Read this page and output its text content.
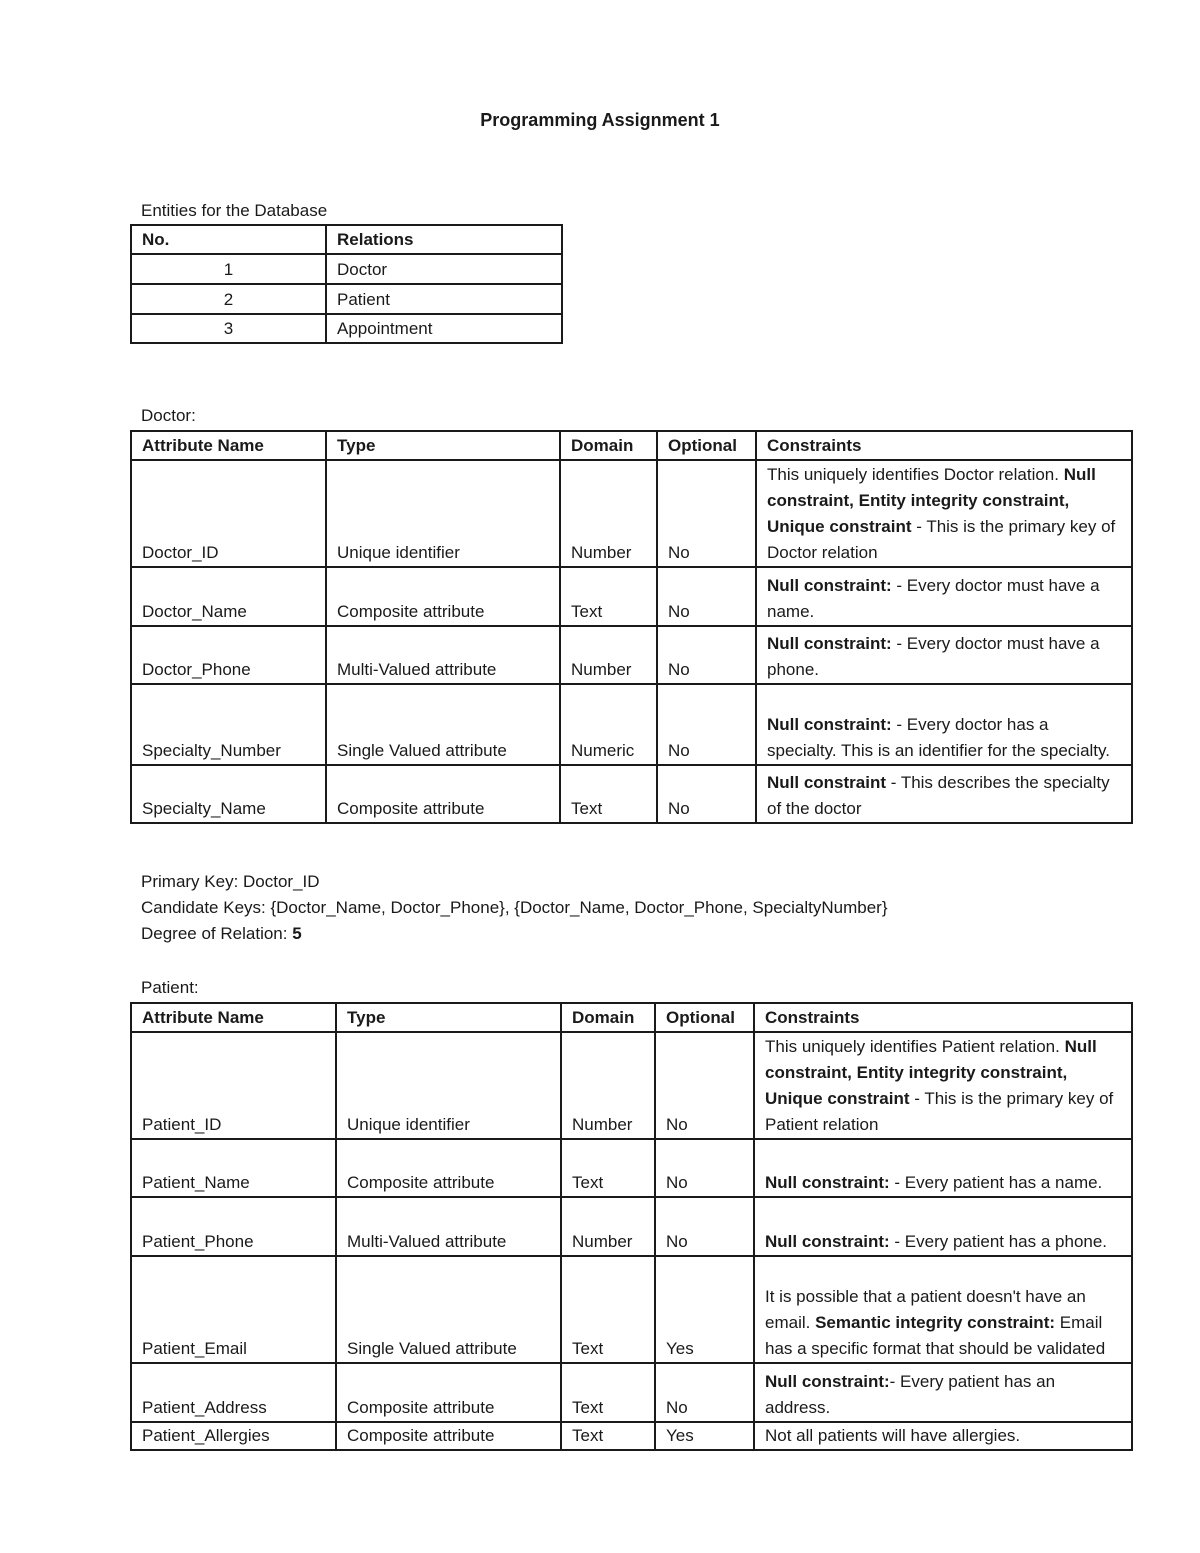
Programming Assignment 1
Entities for the Database
No.	Relations
1	Doctor
2	Patient
3	Appointment
Doctor:
Attribute Name	Type	Domain	Optional	Constraints
Doctor_ID	Unique identifier	Number	No	This uniquely identifies Doctor relation. Null constraint, Entity integrity constraint, Unique constraint - This is the primary key of Doctor relation
Doctor_Name	Composite attribute	Text	No	Null constraint: - Every doctor must have a name.
Doctor_Phone	Multi-Valued attribute	Number	No	Null constraint: - Every doctor must have a phone.
Specialty_Number	Single Valued attribute	Numeric	No	Null constraint: - Every doctor has a specialty. This is an identifier for the specialty.
Specialty_Name	Composite attribute	Text	No	Null constraint - This describes the specialty of the doctor
Primary Key: Doctor_ID
Candidate Keys: {Doctor_Name, Doctor_Phone}, {Doctor_Name, Doctor_Phone, SpecialtyNumber}
Degree of Relation: 5
Patient:
Attribute Name	Type	Domain	Optional	Constraints
Patient_ID	Unique identifier	Number	No	This uniquely identifies Patient relation. Null constraint, Entity integrity constraint, Unique constraint - This is the primary key of Patient relation
Patient_Name	Composite attribute	Text	No	Null constraint: - Every patient has a name.
Patient_Phone	Multi-Valued attribute	Number	No	Null constraint: - Every patient has a phone.
Patient_Email	Single Valued attribute	Text	Yes	It is possible that a patient doesn't have an email. Semantic integrity constraint: Email has a specific format that should be validated
Patient_Address	Composite attribute	Text	No	Null constraint:- Every patient has an address.
Patient_Allergies	Composite attribute	Text	Yes	Not all patients will have allergies.
